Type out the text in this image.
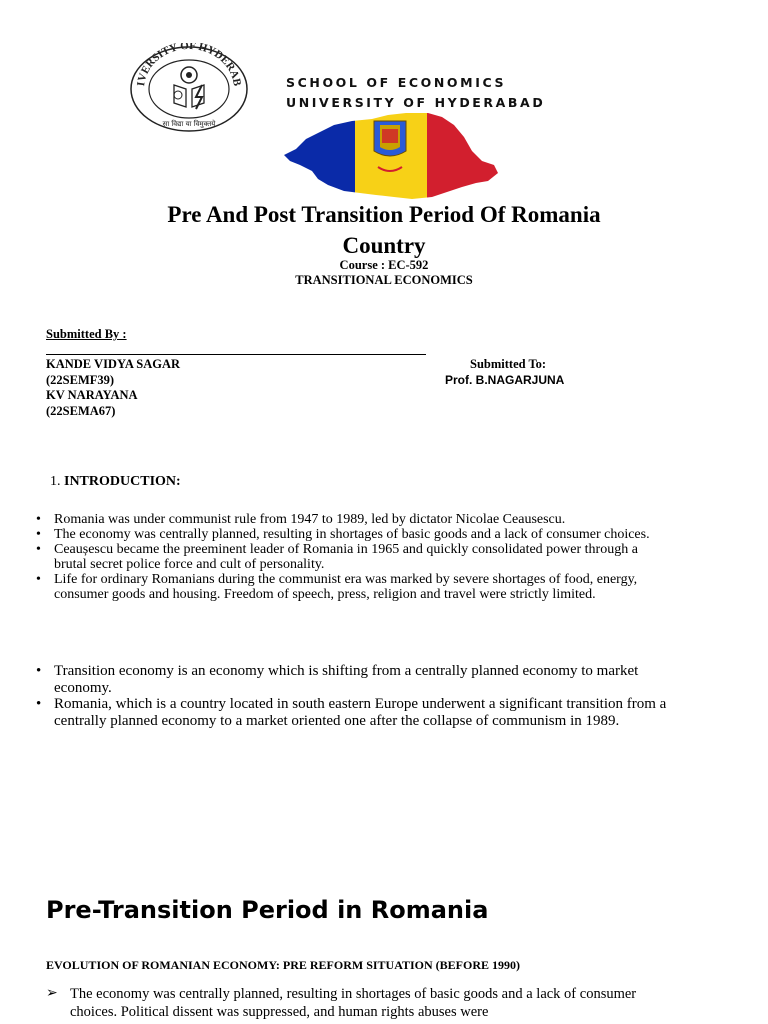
IVERSITY OF HYDERAB
सा विद्या या विमुक्तये
SCHOOL OF ECONOMICS
UNIVERSITY OF HYDERABAD
Pre And Post Transition Period Of Romania
Country
Course : EC-592
TRANSITIONAL ECONOMICS
Submitted By :
KANDE VIDYA SAGAR
(22SEMF39)
KV NARAYANA
(22SEMA67)
Submitted To:
Prof. B.NAGARJUNA
1. INTRODUCTION:
• Romania was under communist rule from 1947 to 1989, led by dictator Nicolae Ceausescu.
• The economy was centrally planned, resulting in shortages of basic goods and a lack of consumer choices.
• Ceaușescu became the preeminent leader of Romania in 1965 and quickly consolidated power through a brutal secret police force and cult of personality.
• Life for ordinary Romanians during the communist era was marked by severe shortages of food, energy, consumer goods and housing. Freedom of speech, press, religion and travel were strictly limited.
• Transition economy is an economy which is shifting from a centrally planned economy to market economy.
• Romania, which is a country located in south eastern Europe underwent a significant transition from a centrally planned economy to a market oriented one after the collapse of communism in 1989.
Pre-Transition Period in Romania
EVOLUTION OF ROMANIAN ECONOMY: PRE REFORM SITUATION (BEFORE 1990)
➢ The economy was centrally planned, resulting in shortages of basic goods and a lack of consumer choices. Political dissent was suppressed, and human rights abuses were
